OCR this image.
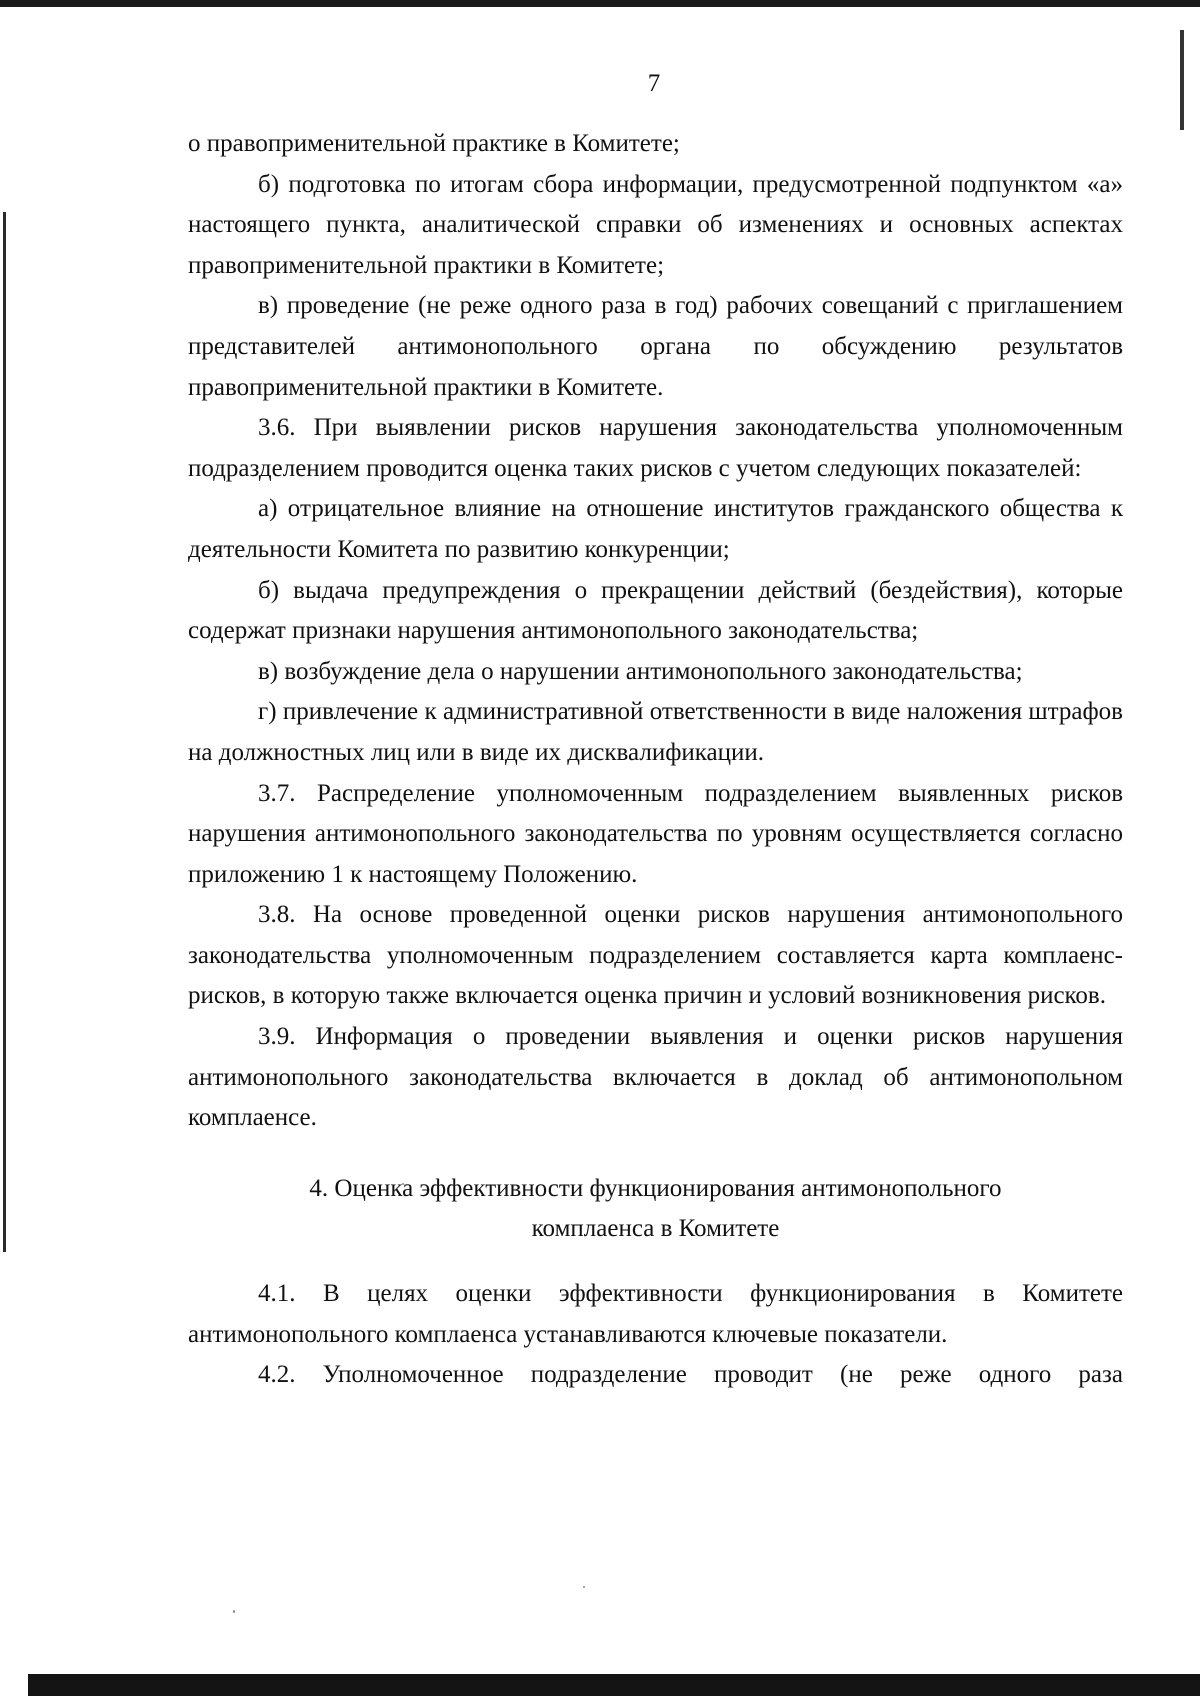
7

о правоприменительной практике в Комитете;

б) подготовка по итогам сбора информации, предусмотренной подпунктом «а» настоящего пункта, аналитической справки об изменениях и основных аспектах правоприменительной практики в Комитете;

в) проведение (не реже одного раза в год) рабочих совещаний с приглашением представителей антимонопольного органа по обсуждению результатов правоприменительной практики в Комитете.

3.6. При выявлении рисков нарушения законодательства уполномоченным подразделением проводится оценка таких рисков с учетом следующих показателей:

а) отрицательное влияние на отношение институтов гражданского общества к деятельности Комитета по развитию конкуренции;

б) выдача предупреждения о прекращении действий (бездействия), которые содержат признаки нарушения антимонопольного законодательства;

в) возбуждение дела о нарушении антимонопольного законодательства;

г) привлечение к административной ответственности в виде наложения штрафов на должностных лиц или в виде их дисквалификации.

3.7. Распределение уполномоченным подразделением выявленных рисков нарушения антимонопольного законодательства по уровням осуществляется согласно приложению 1 к настоящему Положению.

3.8. На основе проведенной оценки рисков нарушения антимонопольного законодательства уполномоченным подразделением составляется карта комплаенс-рисков, в которую также включается оценка причин и условий возникновения рисков.

3.9. Информация о проведении выявления и оценки рисков нарушения антимонопольного законодательства включается в доклад об антимонопольном комплаенсе.

4. Оценка эффективности функционирования антимонопольного
комплаенса в Комитете

4.1. В целях оценки эффективности функционирования в Комитете антимонопольного комплаенса устанавливаются ключевые показатели.

4.2. Уполномоченное подразделение проводит (не реже одного раза
